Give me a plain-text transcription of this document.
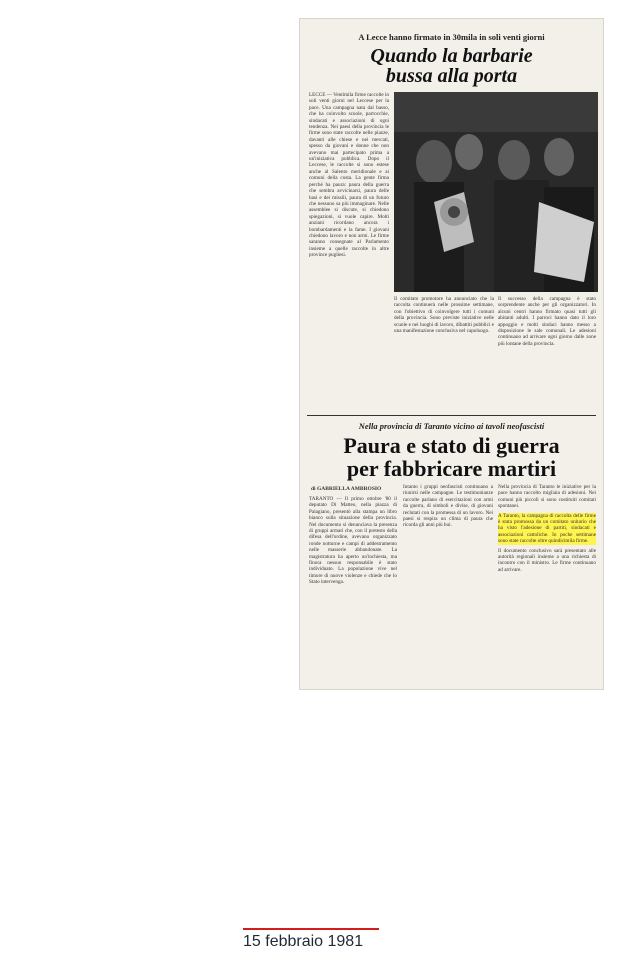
A Lecce hanno firmato in 30mila in soli venti giorni
Quando la barbarie
bussa alla porta

LECCE — Ventimila firme raccolte in soli venti giorni nel Leccese per la pace. Una campagna nata dal basso, che ha coinvolto scuole, parrocchie, sindacati e associazioni di ogni tendenza. Nei paesi della provincia le firme sono state raccolte nelle piazze, davanti alle chiese e nei mercati, spesso da giovani e donne che non avevano mai partecipato prima a un'iniziativa pubblica. Dopo il Leccese, le raccolte si sono estese anche al Salento meridionale e ai comuni della costa. La gente firma perché ha paura: paura della guerra che sembra avvicinarsi, paura delle basi e dei missili, paura di un futuro che nessuno sa più immaginare. Nelle assemblee si discute, si chiedono spiegazioni, si vuole capire. Molti anziani ricordano ancora i bombardamenti e la fame. I giovani chiedono lavoro e non armi. Le firme saranno consegnate al Parlamento insieme a quelle raccolte in altre province pugliesi.

Il comitato promotore ha annunciato che la raccolta continuerà nelle prossime settimane, con l'obiettivo di coinvolgere tutti i comuni della provincia. Sono previste iniziative nelle scuole e nei luoghi di lavoro, dibattiti pubblici e una manifestazione conclusiva nel capoluogo.

Il successo della campagna è stato sorprendente anche per gli organizzatori. In alcuni centri hanno firmato quasi tutti gli abitanti adulti. I parroci hanno dato il loro appoggio e molti sindaci hanno messo a disposizione le sale comunali. Le adesioni continuano ad arrivare ogni giorno dalle zone più lontane della provincia.

Nella provincia di Taranto vicino ai tavoli neofascisti
Paura e stato di guerra
per fabbricare martiri
di GABRIELLA AMBROSIO

TARANTO — Il primo ottobre '80 il deputato Di Matteo, nella piazza di Palagiano, presentò alla stampa un libro bianco sulla situazione della provincia. Nel documento si denunciava la presenza di gruppi armati che, con il pretesto della difesa dell'ordine, avevano organizzato ronde notturne e campi di addestramento nelle masserie abbandonate. La magistratura ha aperto un'inchiesta, ma finora nessun responsabile è stato individuato. La popolazione vive nel timore di nuove violenze e chiede che lo Stato intervenga.

Intanto i gruppi neofascisti continuano a riunirsi nelle campagne. Le testimonianze raccolte parlano di esercitazioni con armi da guerra, di simboli e divise, di giovani reclutati con la promessa di un lavoro. Nei paesi si respira un clima di paura che ricorda gli anni più bui.

Nella provincia di Taranto le iniziative per la pace hanno raccolto migliaia di adesioni. Nei comuni più piccoli si sono costituiti comitati spontanei.

A Taranto, la campagna di raccolta delle firme è stata promossa da un comitato unitario che ha visto l'adesione di partiti, sindacati e associazioni cattoliche. In poche settimane sono state raccolte oltre quindicimila firme.

Il documento conclusivo sarà presentato alle autorità regionali insieme a una richiesta di incontro con il ministro. Le firme continuano ad arrivare.

15 febbraio 1981
